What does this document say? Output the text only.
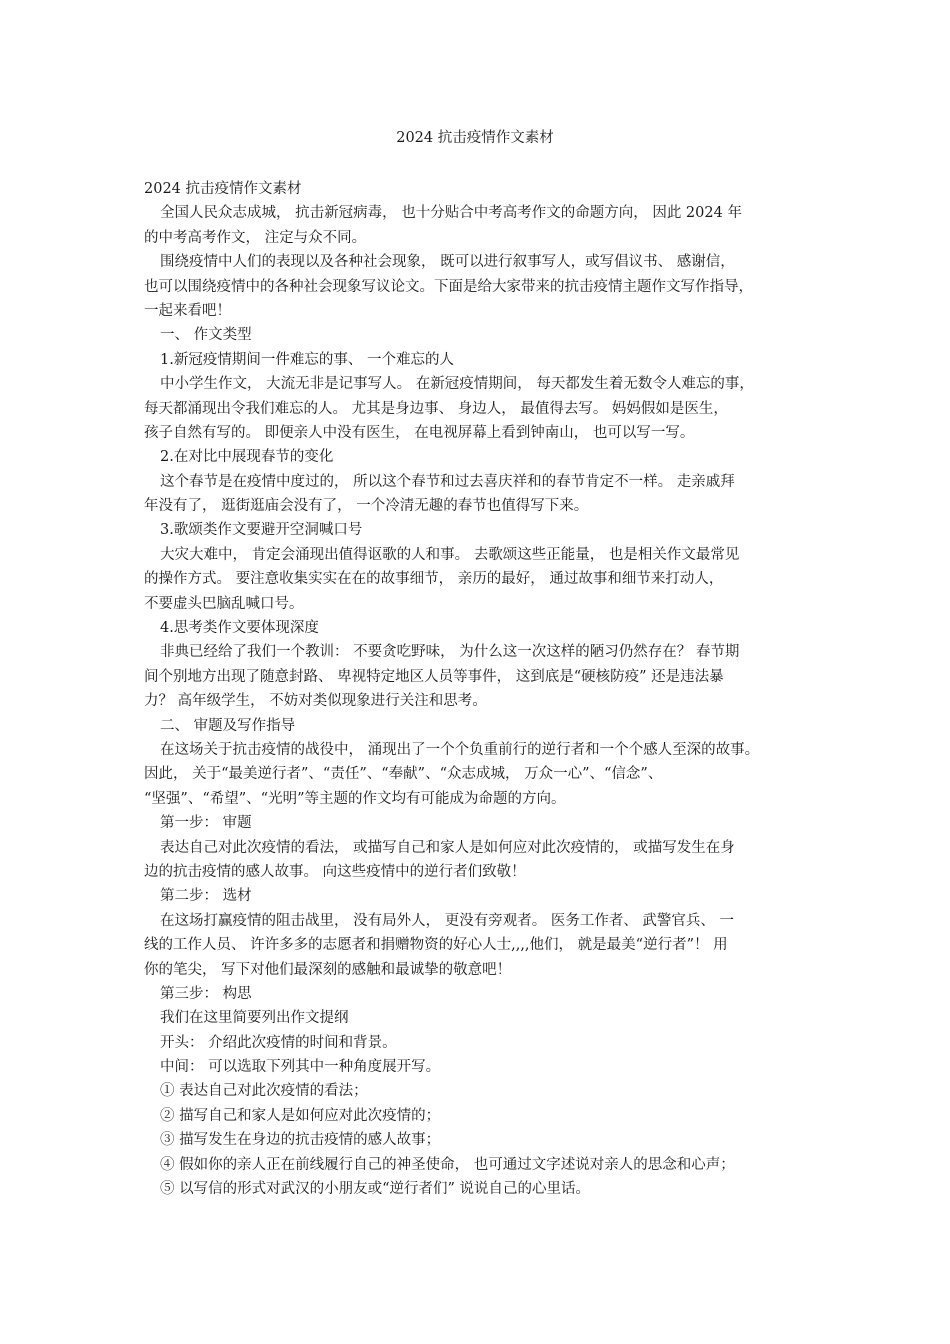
2024 抗击疫情作文素材
2024 抗击疫情作文素材
全国人民众志成城， 抗击新冠病毒， 也十分贴合中考高考作文的命题方向， 因此 2024 年
的中考高考作文， 注定与众不同。
围绕疫情中人们的表现以及各种社会现象， 既可以进行叙事写人，或写倡议书、 感谢信，
也可以围绕疫情中的各种社会现象写议论文。下面是给大家带来的抗击疫情主题作文写作指导，
一起来看吧！
一、 作文类型
1.新冠疫情期间一件难忘的事、 一个难忘的人
中小学生作文， 大流无非是记事写人。 在新冠疫情期间， 每天都发生着无数令人难忘的事，
每天都涌现出令我们难忘的人。 尤其是身边事、 身边人， 最值得去写。 妈妈假如是医生，
孩子自然有写的。 即便亲人中没有医生， 在电视屏幕上看到钟南山， 也可以写一写。
2.在对比中展现春节的变化
这个春节是在疫情中度过的， 所以这个春节和过去喜庆祥和的春节肯定不一样。 走亲戚拜
年没有了， 逛街逛庙会没有了， 一个冷清无趣的春节也值得写下来。
3.歌颂类作文要避开空洞喊口号
大灾大难中， 肯定会涌现出值得讴歌的人和事。 去歌颂这些正能量， 也是相关作文最常见
的操作方式。 要注意收集实实在在的故事细节， 亲历的最好， 通过故事和细节来打动人，
不要虚头巴脑乱喊口号。
4.思考类作文要体现深度
非典已经给了我们一个教训： 不要贪吃野味， 为什么这一次这样的陋习仍然存在？ 春节期
间个别地方出现了随意封路、 卑视特定地区人员等事件， 这到底是“硬核防疫” 还是违法暴
力？ 高年级学生， 不妨对类似现象进行关注和思考。
二、 审题及写作指导
在这场关于抗击疫情的战役中， 涌现出了一个个负重前行的逆行者和一个个感人至深的故事。
因此， 关于“最美逆行者”、“责任”、“奉献”、“众志成城， 万众一心”、“信念”、
“坚强”、“希望”、“光明”等主题的作文均有可能成为命题的方向。
第一步： 审题
表达自己对此次疫情的看法， 或描写自己和家人是如何应对此次疫情的， 或描写发生在身
边的抗击疫情的感人故事。 向这些疫情中的逆行者们致敬！
第二步： 选材
在这场打赢疫情的阻击战里， 没有局外人， 更没有旁观者。 医务工作者、 武警官兵、 一
线的工作人员、 许许多多的志愿者和捐赠物资的好心人士,,,,他们， 就是最美“逆行者”！ 用
你的笔尖， 写下对他们最深刻的感触和最诚挚的敬意吧！
第三步： 构思
我们在这里简要列出作文提纲
开头： 介绍此次疫情的时间和背景。
中间： 可以选取下列其中一种角度展开写。
① 表达自己对此次疫情的看法；
② 描写自己和家人是如何应对此次疫情的；
③ 描写发生在身边的抗击疫情的感人故事；
④ 假如你的亲人正在前线履行自己的神圣使命， 也可通过文字述说对亲人的思念和心声；
⑤ 以写信的形式对武汉的小朋友或“逆行者们” 说说自己的心里话。
